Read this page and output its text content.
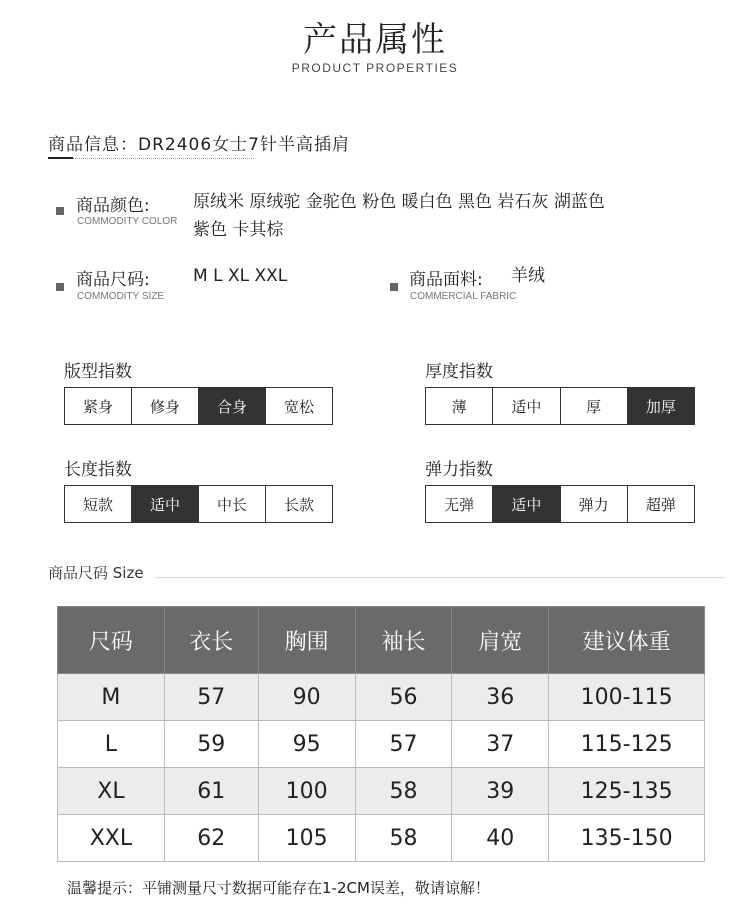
产品属性
PRODUCT PROPERTIES
商品信息：DR2406女士7针半高插肩
商品颜色:
COMMODITY COLOR
原绒米 原绒驼 金驼色 粉色 暖白色 黑色 岩石灰 湖蓝色
紫色 卡其棕
商品尺码:
COMMODITY SIZE
M L XL XXL	商品面料:
COMMERCIAL FABRIC
羊绒
版型指数
紧身	修身	合身	宽松
厚度指数
薄	适中	厚	加厚
长度指数
短款	适中	中长	长款
弹力指数
无弹	适中	弹力	超弹
商品尺码 Size
尺码	衣长	胸围	袖长	肩宽	建议体重
M	57	90	56	36	100-115
L	59	95	57	37	115-125
XL	61	100	58	39	125-135
XXL	62	105	58	40	135-150
温馨提示：平铺测量尺寸数据可能存在1-2CM误差，敬请谅解！
